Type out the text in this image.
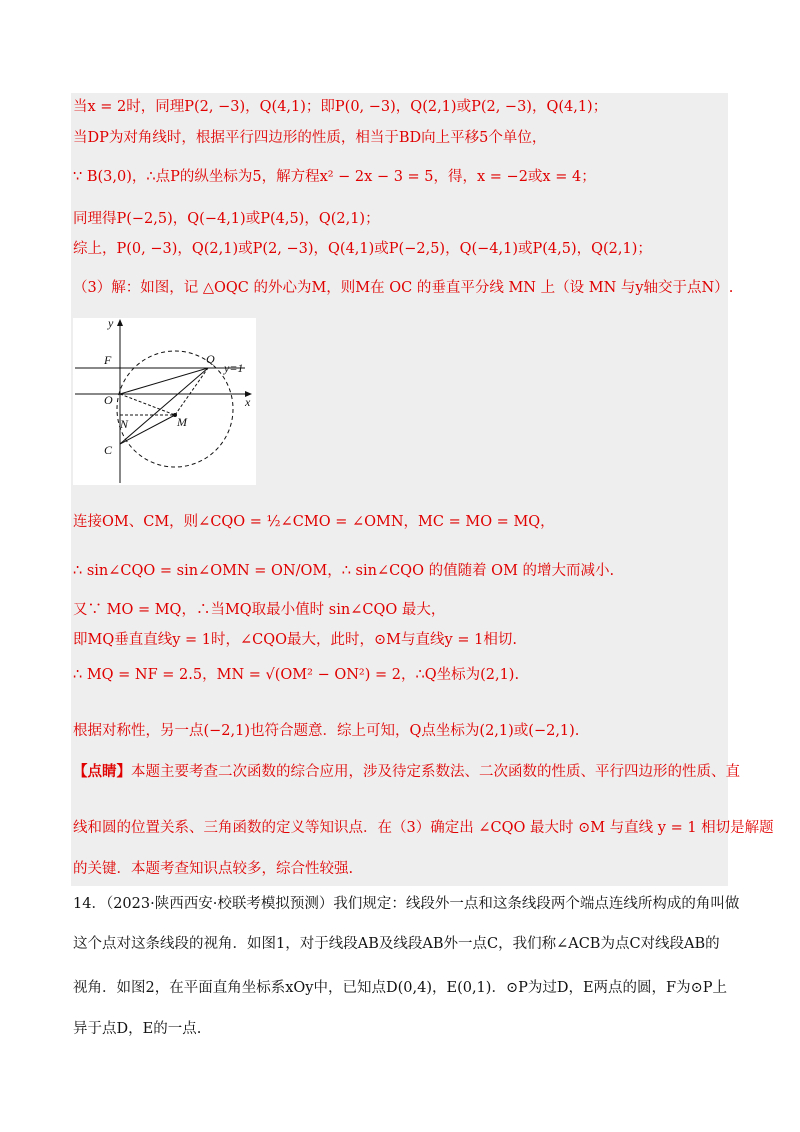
当x = 2时，同理P(2, −3)，Q(4,1)；即P(0, −3)，Q(2,1)或P(2, −3)，Q(4,1)；
当DP为对角线时，根据平行四边形的性质，相当于BD向上平移5个单位，
∵ B(3,0)，∴点P的纵坐标为5，解方程x² − 2x − 3 = 5，得，x = −2或x = 4；
同理得P(−2,5)，Q(−4,1)或P(4,5)，Q(2,1)；
综上，P(0, −3)，Q(2,1)或P(2, −3)，Q(4,1)或P(−2,5)，Q(−4,1)或P(4,5)，Q(2,1)；
（3）解：如图，记 △OQC 的外心为M，则M在 OC 的垂直平分线 MN 上（设 MN 与y轴交于点N）.
y
x
F	Q
y=1
O
N	M
C
连接OM、CM，则∠CQO = ½∠CMO = ∠OMN，MC = MO = MQ，
∴ sin∠CQO = sin∠OMN = ON/OM，∴ sin∠CQO 的值随着 OM 的增大而减小.
又∵ MO = MQ，∴当MQ取最小值时 sin∠CQO 最大，
即MQ垂直直线y = 1时，∠CQO最大，此时，⊙M与直线y = 1相切.
∴ MQ = NF = 2.5，MN = √(OM² − ON²) = 2，∴Q坐标为(2,1).
根据对称性，另一点(−2,1)也符合题意．综上可知，Q点坐标为(2,1)或(−2,1).
【点睛】本题主要考查二次函数的综合应用，涉及待定系数法、二次函数的性质、平行四边形的性质、直
线和圆的位置关系、三角函数的定义等知识点．在（3）确定出 ∠CQO 最大时 ⊙M 与直线 y = 1 相切是解题
的关键．本题考查知识点较多，综合性较强.
14．（2023·陕西西安·校联考模拟预测）我们规定：线段外一点和这条线段两个端点连线所构成的角叫做
这个点对这条线段的视角．如图1，对于线段AB及线段AB外一点C，我们称∠ACB为点C对线段AB的
视角．如图2，在平面直角坐标系xOy中，已知点D(0,4)，E(0,1)．⊙P为过D，E两点的圆，F为⊙P上
异于点D，E的一点.
